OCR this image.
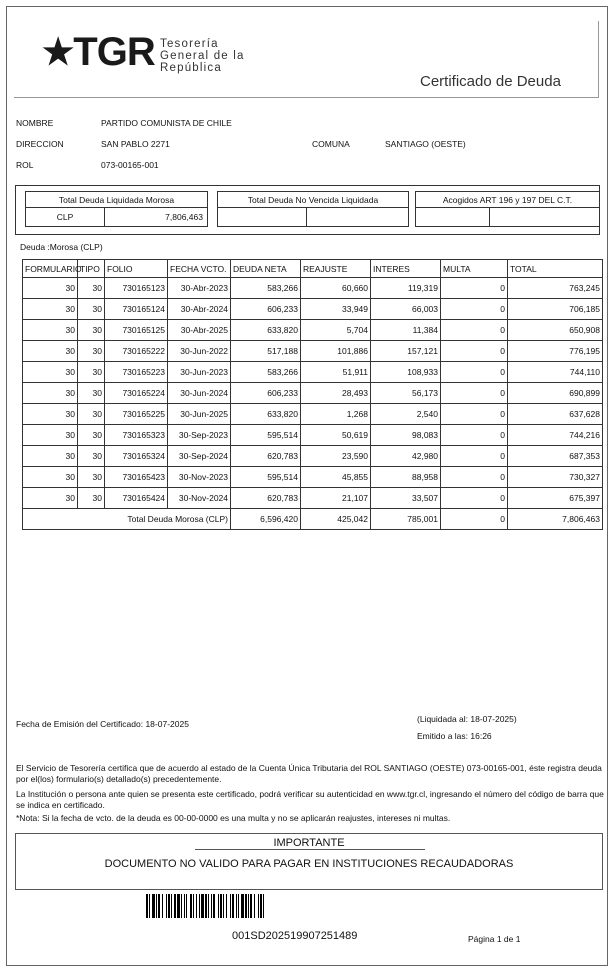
★TGR Tesorería
General de la
República
Certificado de Deuda
NOMBRE	PARTIDO COMUNISTA DE CHILE
DIRECCION	SAN PABLO 2271	COMUNA	SANTIAGO (OESTE)
ROL	073-00165-001
Total Deuda Liquidada Morosa
CLP	7,806,463
Total Deuda No Vencida Liquidada
		Acogidos ART 196 y 197 DEL C.T.

Deuda :Morosa (CLP)
FORMULARIO	TIPO	FOLIO	FECHA VCTO.	DEUDA NETA	REAJUSTE	INTERES	MULTA	TOTAL
30	30	730165123	30-Abr-2023	583,266	60,660	119,319	0	763,245
30	30	730165124	30-Abr-2024	606,233	33,949	66,003	0	706,185
30	30	730165125	30-Abr-2025	633,820	5,704	11,384	0	650,908
30	30	730165222	30-Jun-2022	517,188	101,886	157,121	0	776,195
30	30	730165223	30-Jun-2023	583,266	51,911	108,933	0	744,110
30	30	730165224	30-Jun-2024	606,233	28,493	56,173	0	690,899
30	30	730165225	30-Jun-2025	633,820	1,268	2,540	0	637,628
30	30	730165323	30-Sep-2023	595,514	50,619	98,083	0	744,216
30	30	730165324	30-Sep-2024	620,783	23,590	42,980	0	687,353
30	30	730165423	30-Nov-2023	595,514	45,855	88,958	0	730,327
30	30	730165424	30-Nov-2024	620,783	21,107	33,507	0	675,397
Total Deuda Morosa (CLP)				6,596,420	425,042	785,001	0	7,806,463
Fecha de Emisión del Certificado: 18-07-2025	(Liquidada al: 18-07-2025)
Emitido a las: 16:26
El Servicio de Tesorería certifica que de acuerdo al estado de la Cuenta Única Tributaria del ROL SANTIAGO (OESTE) 073-00165-001, éste registra deuda por el(los) formulario(s) detallado(s) precedentemente.
La Institución o persona ante quien se presenta este certificado, podrá verificar su autenticidad en www.tgr.cl, ingresando el número del código de barra que se indica en certificado.
*Nota: Si la fecha de vcto. de la deuda es 00-00-0000 es una multa y no se aplicarán reajustes, intereses ni multas.
IMPORTANTE
DOCUMENTO NO VALIDO PARA PAGAR EN INSTITUCIONES RECAUDADORAS
001SD202519907251489	Página 1 de 1
